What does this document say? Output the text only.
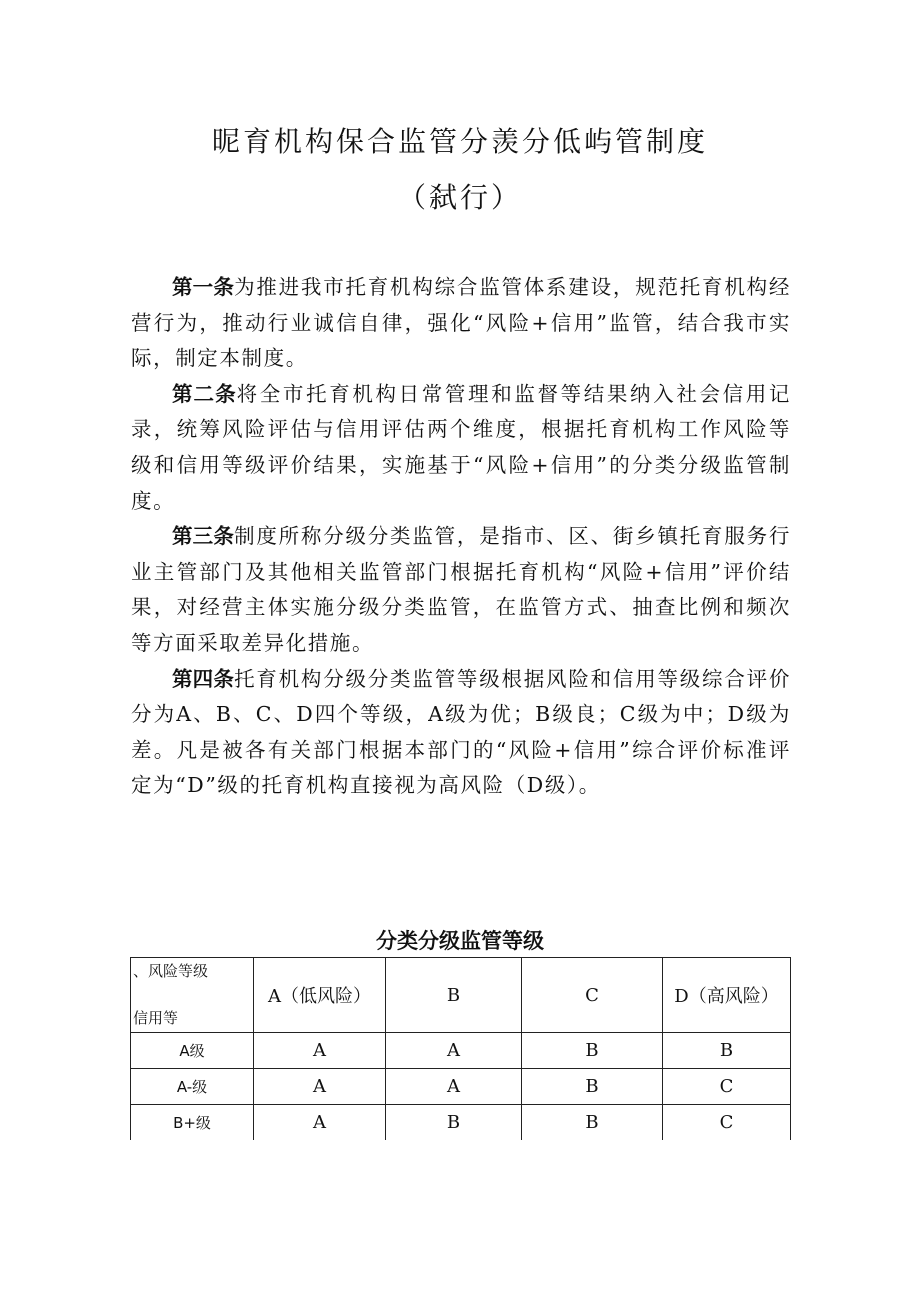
昵育机构保合监管分羡分低屿管制度
（弑行）

第一条为推进我市托育机构综合监管体系建设，规范托育机构经营行为，推动行业诚信自律，强化“风险+信用”监管，结合我市实际，制定本制度。

第二条将全市托育机构日常管理和监督等结果纳入社会信用记录，统筹风险评估与信用评估两个维度，根据托育机构工作风险等级和信用等级评价结果，实施基于“风险+信用”的分类分级监管制度。

第三条制度所称分级分类监管，是指市、区、街乡镇托育服务行业主管部门及其他相关监管部门根据托育机构“风险+信用”评价结果，对经营主体实施分级分类监管，在监管方式、抽查比例和频次等方面采取差异化措施。

第四条托育机构分级分类监管等级根据风险和信用等级综合评价分为A、B、C、D四个等级，A级为优；B级良；C级为中；D级为差。凡是被各有关部门根据本部门的“风险+信用”综合评价标准评定为“D”级的托育机构直接视为高风险（D级）。

分类分级监管等级
、风险等级
信用等	A（低风险）	B	C	D（高风险）
A级	A	A	B	B
A-级	A	A	B	C
B+级	A	B	B	C
